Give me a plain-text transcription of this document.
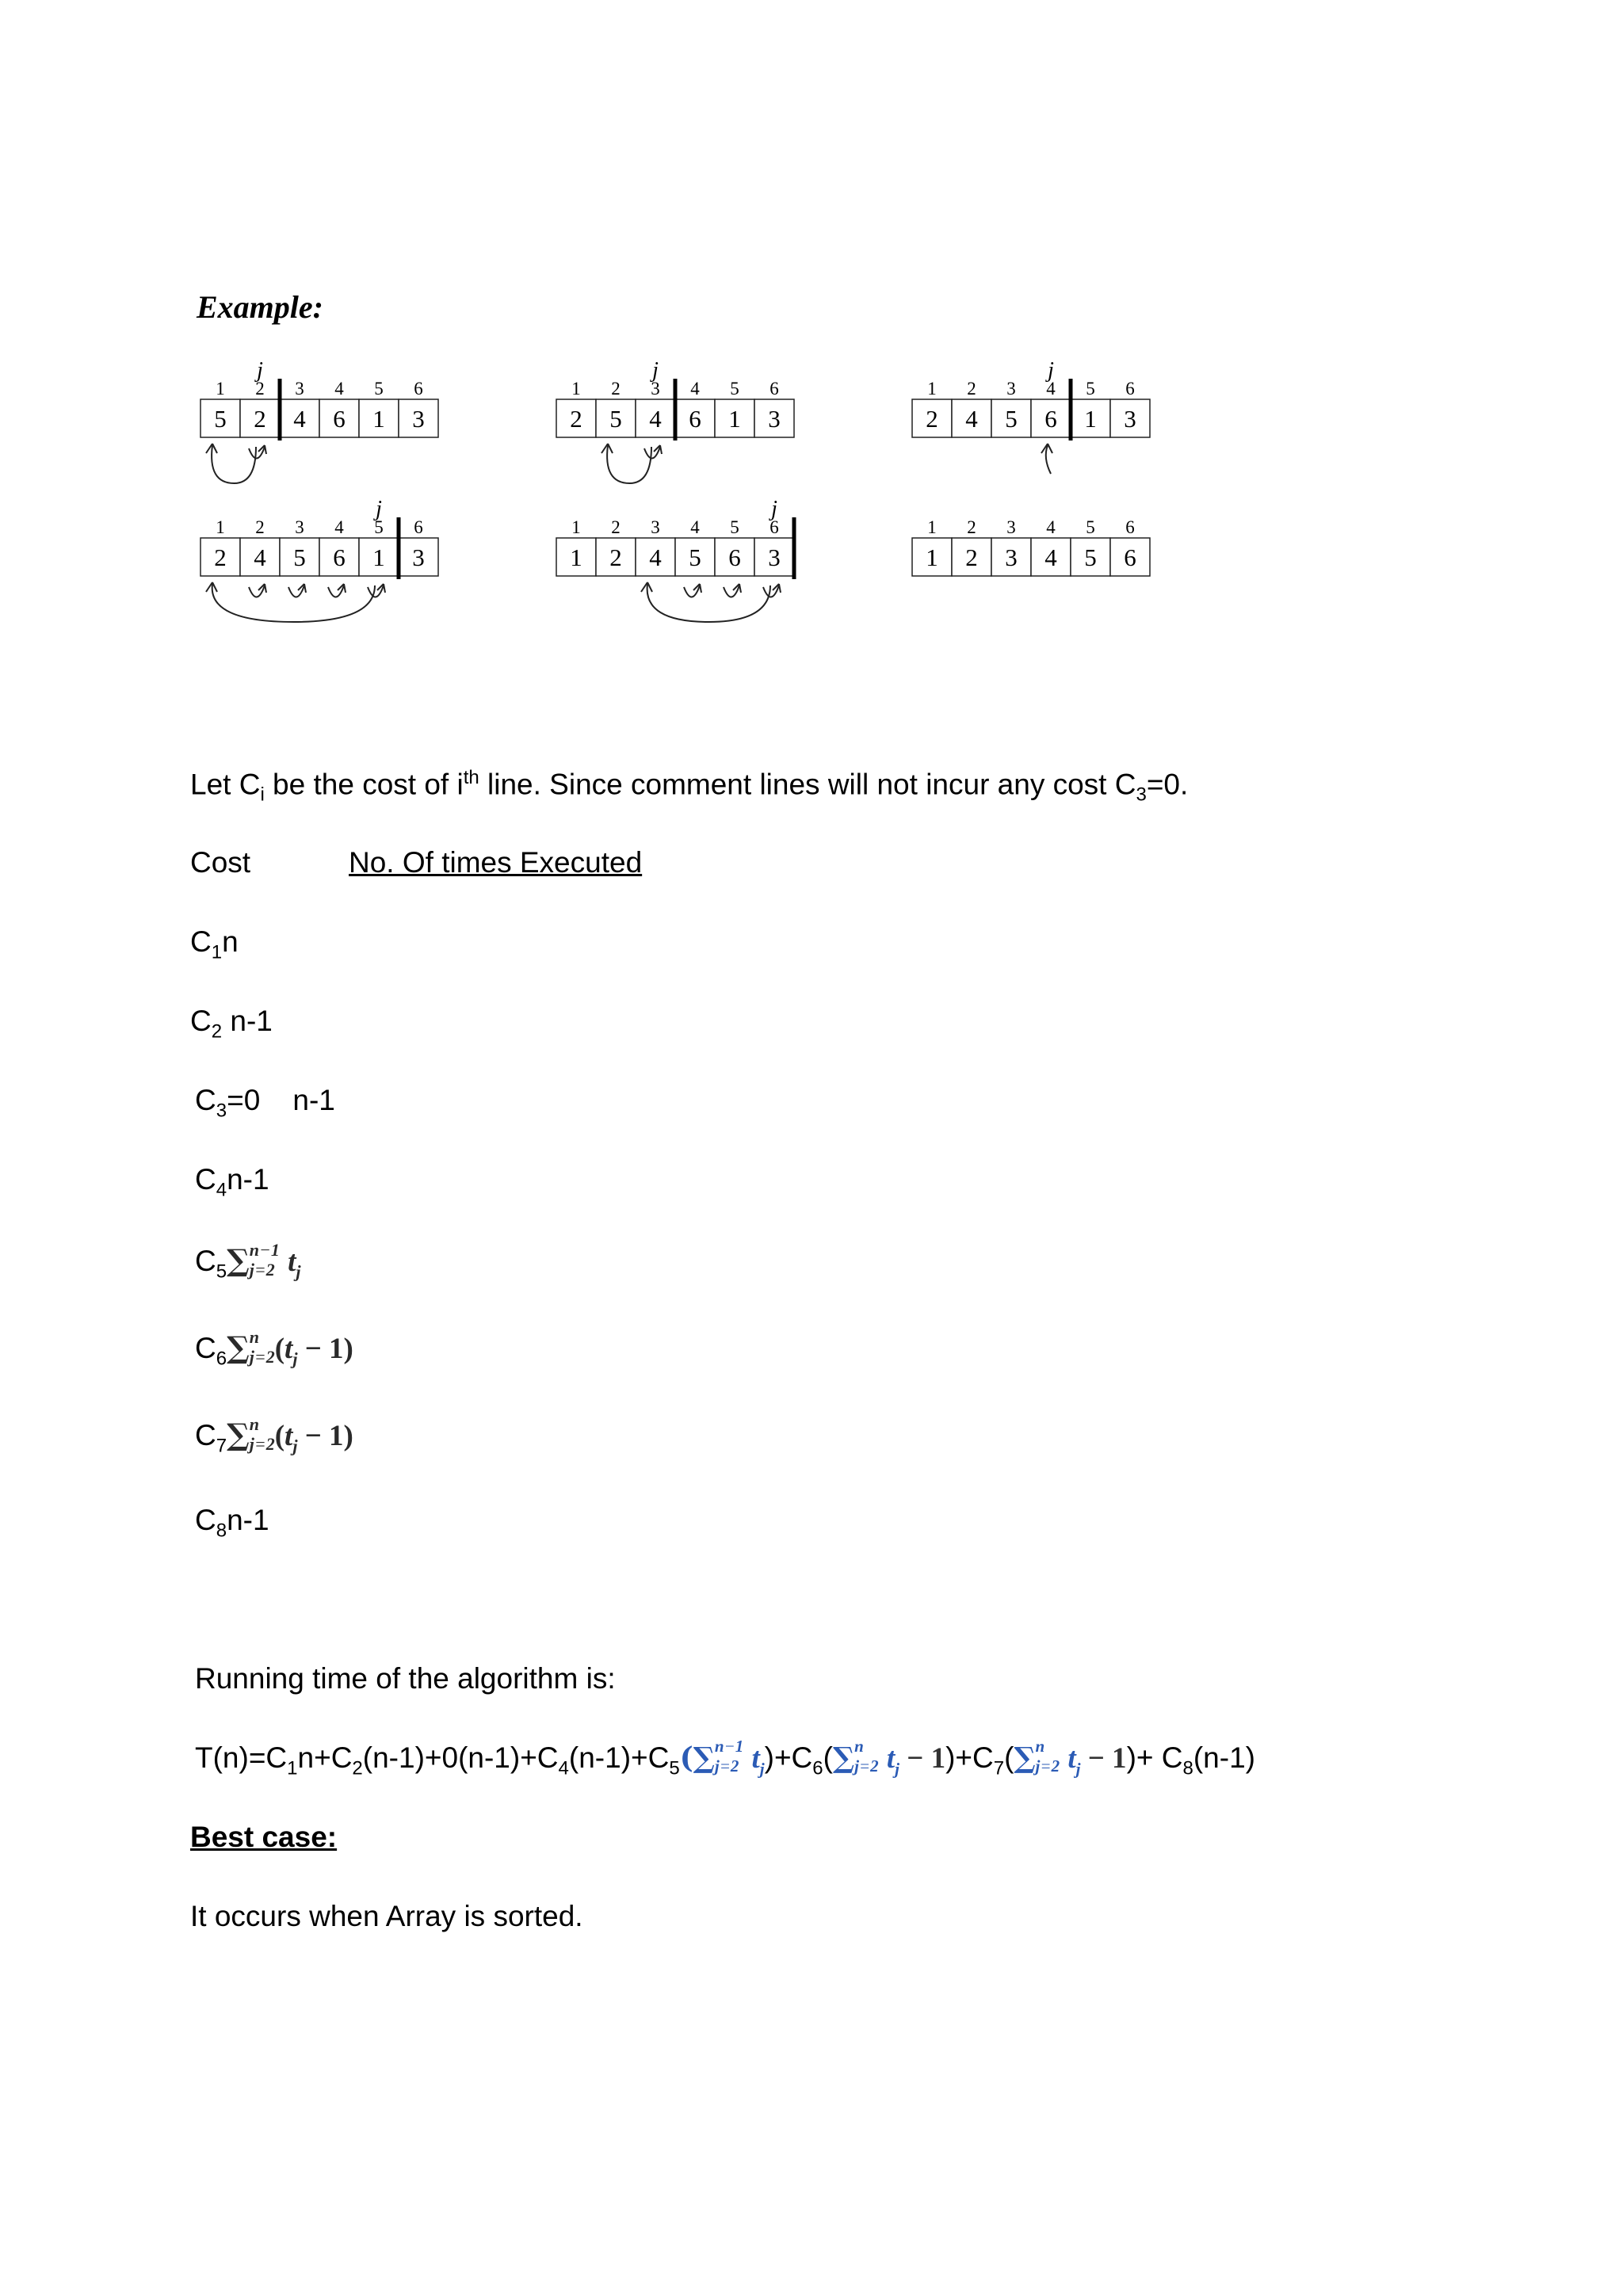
Example:
j
1
5
2
2
3
4
4
6
5
1
6
3
j
1
2
2
5
3
4
4
6
5
1
6
3
j
1
2
2
4
3
5
4
6
5
1
6
3
j
1
2
2
4
3
5
4
6
5
1
6
3
j
1
1
2
2
3
4
4
5
5
6
6
3
1
1
2
2
3
3
4
4
5
5
6
6
Let $C_i$ be the cost of $i^{th}$ line. Since comment lines will not incur any cost $C_3=0$.
Cost	No. Of times Executed
$C_1n$
$C_2$ n-1
$C_3=0$    n-1
$C_4n-1$
$C_5\sum$ n−1
j=2 $t_j$
$C_6\sum$ n
j=2 $(t_j - 1)$
$C_7\sum$ n
j=2 $(t_j - 1)$
$C_8n-1$
Running time of the algorithm is:
$T(n)=C_1n+C_2(n-1)+0(n-1)+C_4(n-1)+C_5(\sum$ n−1
j=2 $t_j)+C_6(\sum$ n
j=2 $t_j - 1)+C_7(\sum$ n
j=2 $t_j - 1)+ C_8(n-1)$
Best case:
It occurs when Array is sorted.
